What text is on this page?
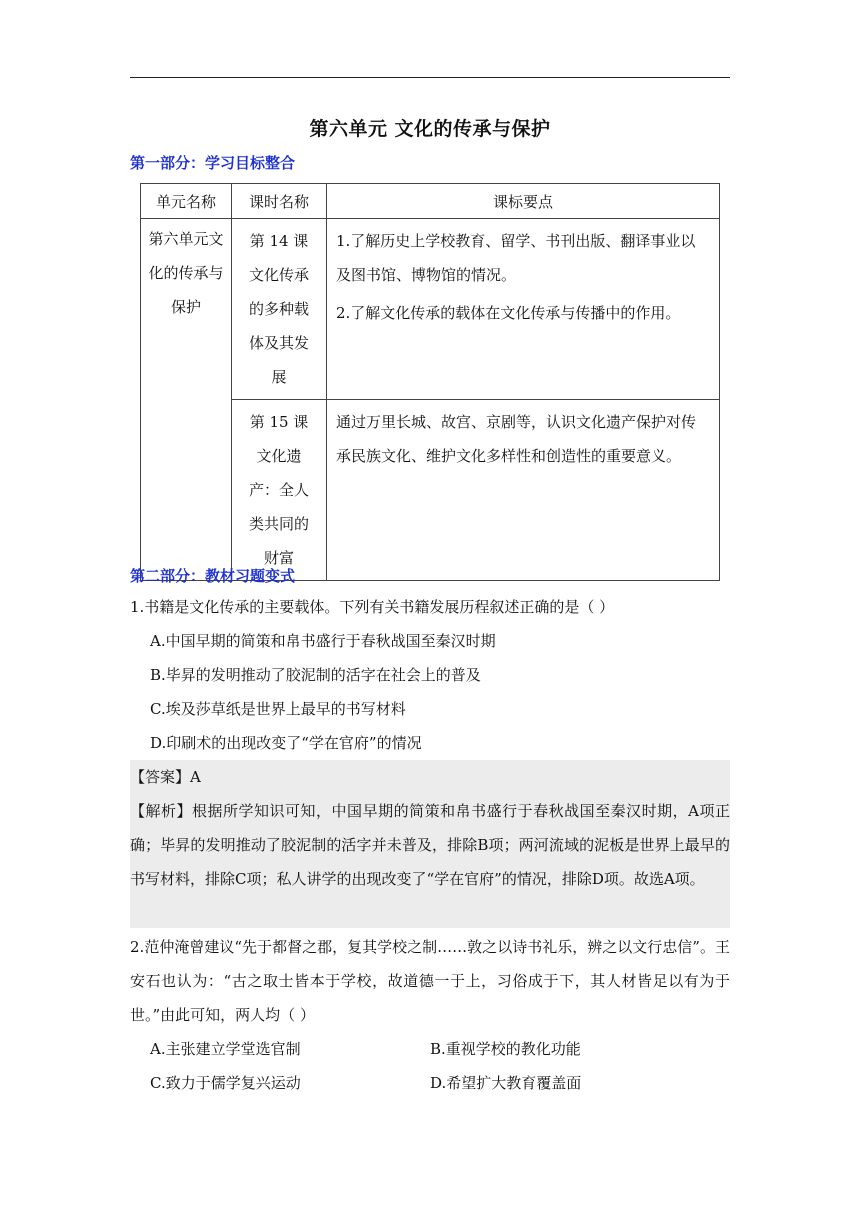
第六单元 文化的传承与保护
第一部分：学习目标整合
单元名称	课时名称	课标要点

第六单元文化的传承与保护	第 14 课文化传承的多种载体及其发展	1.了解历史上学校教育、留学、书刊出版、翻译事业以及图书馆、博物馆的情况。
2.了解文化传承的载体在文化传承与传播中的作用。

	第 15 课文化遗产：全人类共同的财富	通过万里长城、故宫、京剧等，认识文化遗产保护对传承民族文化、维护文化多样性和创造性的重要意义。
第二部分：教材习题变式
1.书籍是文化传承的主要载体。下列有关书籍发展历程叙述正确的是（ ）
A.中国早期的简策和帛书盛行于春秋战国至秦汉时期
B.毕昇的发明推动了胶泥制的活字在社会上的普及
C.埃及莎草纸是世界上最早的书写材料
D.印刷术的出现改变了“学在官府”的情况
【答案】A
【解析】根据所学知识可知，中国早期的简策和帛书盛行于春秋战国至秦汉时期，A项正确；毕昇的发明推动了胶泥制的活字并未普及，排除B项；两河流域的泥板是世界上最早的书写材料，排除C项；私人讲学的出现改变了“学在官府”的情况，排除D项。故选A项。
2.范仲淹曾建议“先于都督之郡，复其学校之制……敦之以诗书礼乐，辨之以文行忠信”。王安石也认为：“古之取士皆本于学校，故道德一于上，习俗成于下，其人材皆足以有为于世。”由此可知，两人均（ ）
A.主张建立学堂选官制	B.重视学校的教化功能
C.致力于儒学复兴运动	D.希望扩大教育覆盖面
